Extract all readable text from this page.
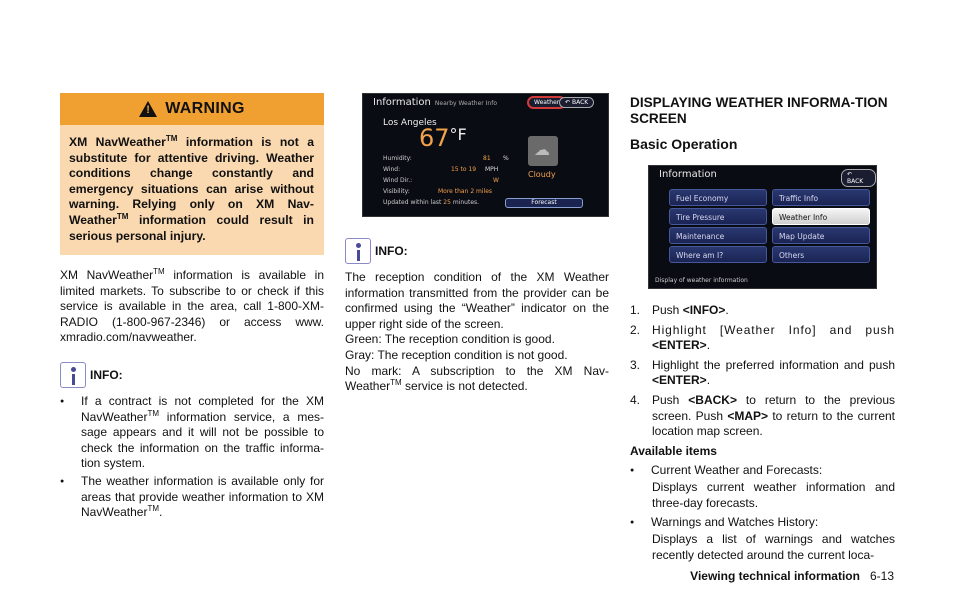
!
WARNING
XM NavWeather™ information is not a substitute for attentive driving. Weather conditions change constantly and emergency situations can arise without warning. Relying only on XM Nav-Weather™ information could result in serious personal injury.

XM NavWeather™ information is available in limited markets. To subscribe to or check if this service is available in the area, call 1-800-XM-RADIO (1-800-967-2346) or access www. xmradio.com/navweather.

INFO:
● If a contract is not completed for the XM NavWeather™ information service, a mes-sage appears and it will not be possible to check the information on the traffic informa-tion system.
● The weather information is available only for areas that provide weather information to XM NavWeather™.
Information Nearby Weather Info	Weather ↶ BACK
Los Angeles
$67^{^\circ F}$
Humidity:	81 %
Wind:	15 to 19 MPH
Wind Dir.:	W
Visibility:	More than 2 miles
Updated within last 25 minutes.
☁
Cloudy
Forecast
INFO:

The reception condition of the XM Weather information transmitted from the provider can be confirmed using the “Weather” indicator on the upper right side of the screen.

Green: The reception condition is good.

Gray: The reception condition is not good.

No mark: A subscription to the XM Nav-Weather™ service is not detected.

DISPLAYING WEATHER INFORMA-TION SCREEN
Basic Operation
Information	↶ BACK
Fuel Economy
Tire Pressure
Maintenance
Where am I?
Traffic Info
Weather Info
Map Update
Others
Display of weather information
1. Push <INFO>.
2. Highlight [Weather Info] and push <ENTER>.
3. Highlight the preferred information and push <ENTER>.
4. Push <BACK> to return to the previous screen. Push <MAP> to return to the current location map screen.
Available items
● Current Weather and Forecasts:

Displays current weather information and three-day forecasts.

● Warnings and Watches History:

Displays a list of warnings and watches recently detected around the current loca-

Viewing technical information 6-13
